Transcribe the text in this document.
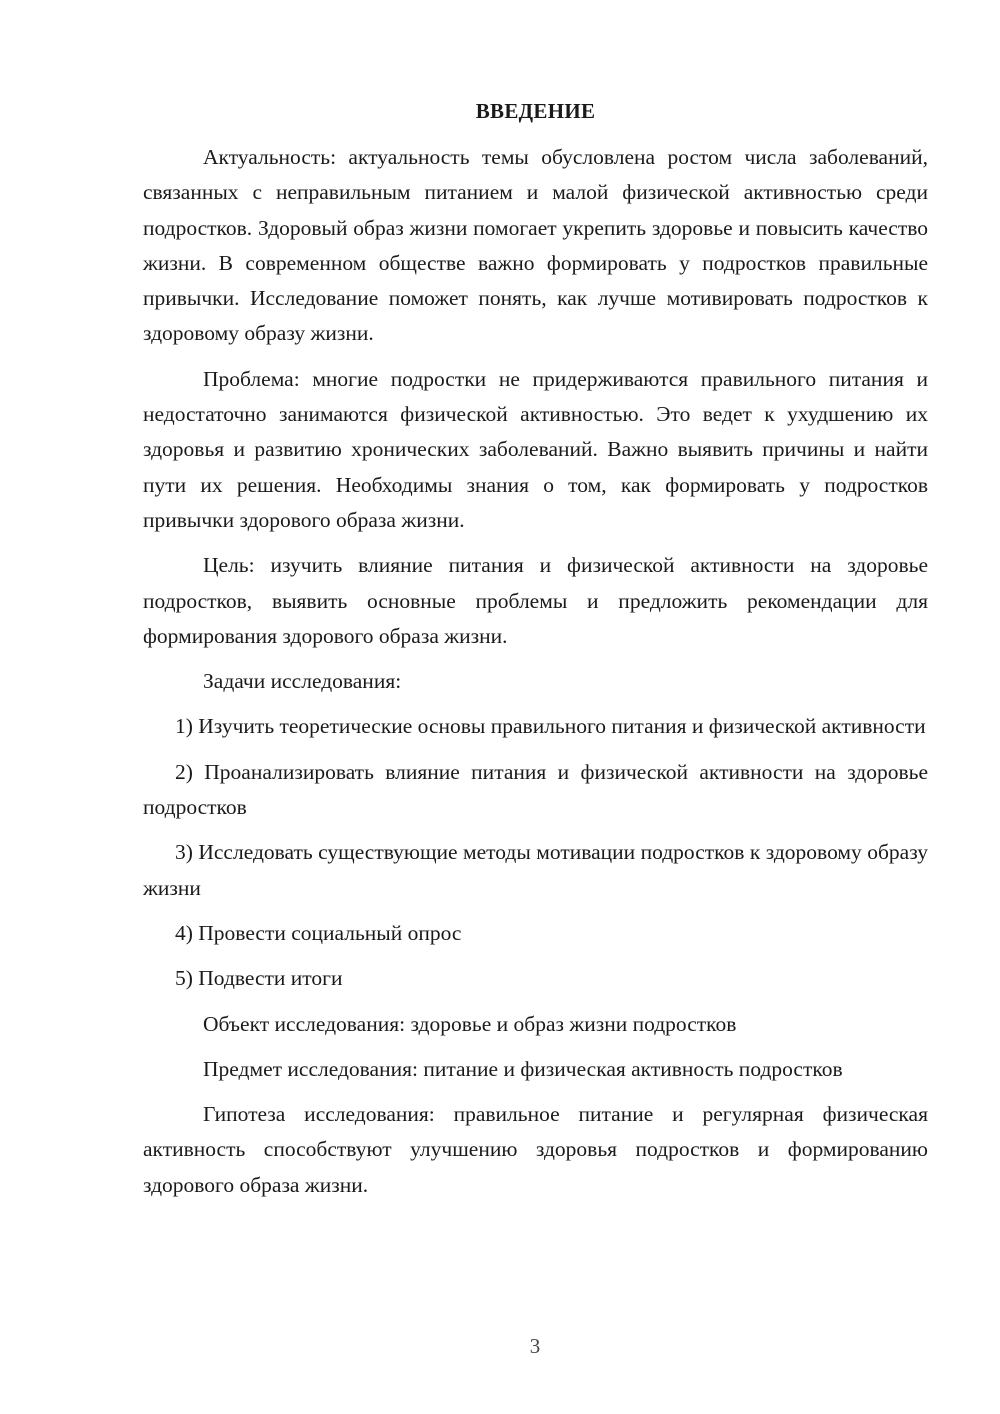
ВВЕДЕНИЕ
Актуальность: актуальность темы обусловлена ростом числа заболеваний, связанных с неправильным питанием и малой физической активностью среди подростков. Здоровый образ жизни помогает укрепить здоровье и повысить качество жизни. В современном обществе важно формировать у подростков правильные привычки. Исследование поможет понять, как лучше мотивировать подростков к здоровому образу жизни.
Проблема: многие подростки не придерживаются правильного питания и недостаточно занимаются физической активностью. Это ведет к ухудшению их здоровья и развитию хронических заболеваний. Важно выявить причины и найти пути их решения. Необходимы знания о том, как формировать у подростков привычки здорового образа жизни.
Цель: изучить влияние питания и физической активности на здоровье подростков, выявить основные проблемы и предложить рекомендации для формирования здорового образа жизни.
Задачи исследования:
1) Изучить теоретические основы правильного питания и физической активности
2) Проанализировать влияние питания и физической активности на здоровье подростков
3) Исследовать существующие методы мотивации подростков к здоровому образу жизни
4) Провести социальный опрос
5) Подвести итоги
Объект исследования: здоровье и образ жизни подростков
Предмет исследования: питание и физическая активность подростков
Гипотеза исследования: правильное питание и регулярная физическая активность способствуют улучшению здоровья подростков и формированию здорового образа жизни.
3
